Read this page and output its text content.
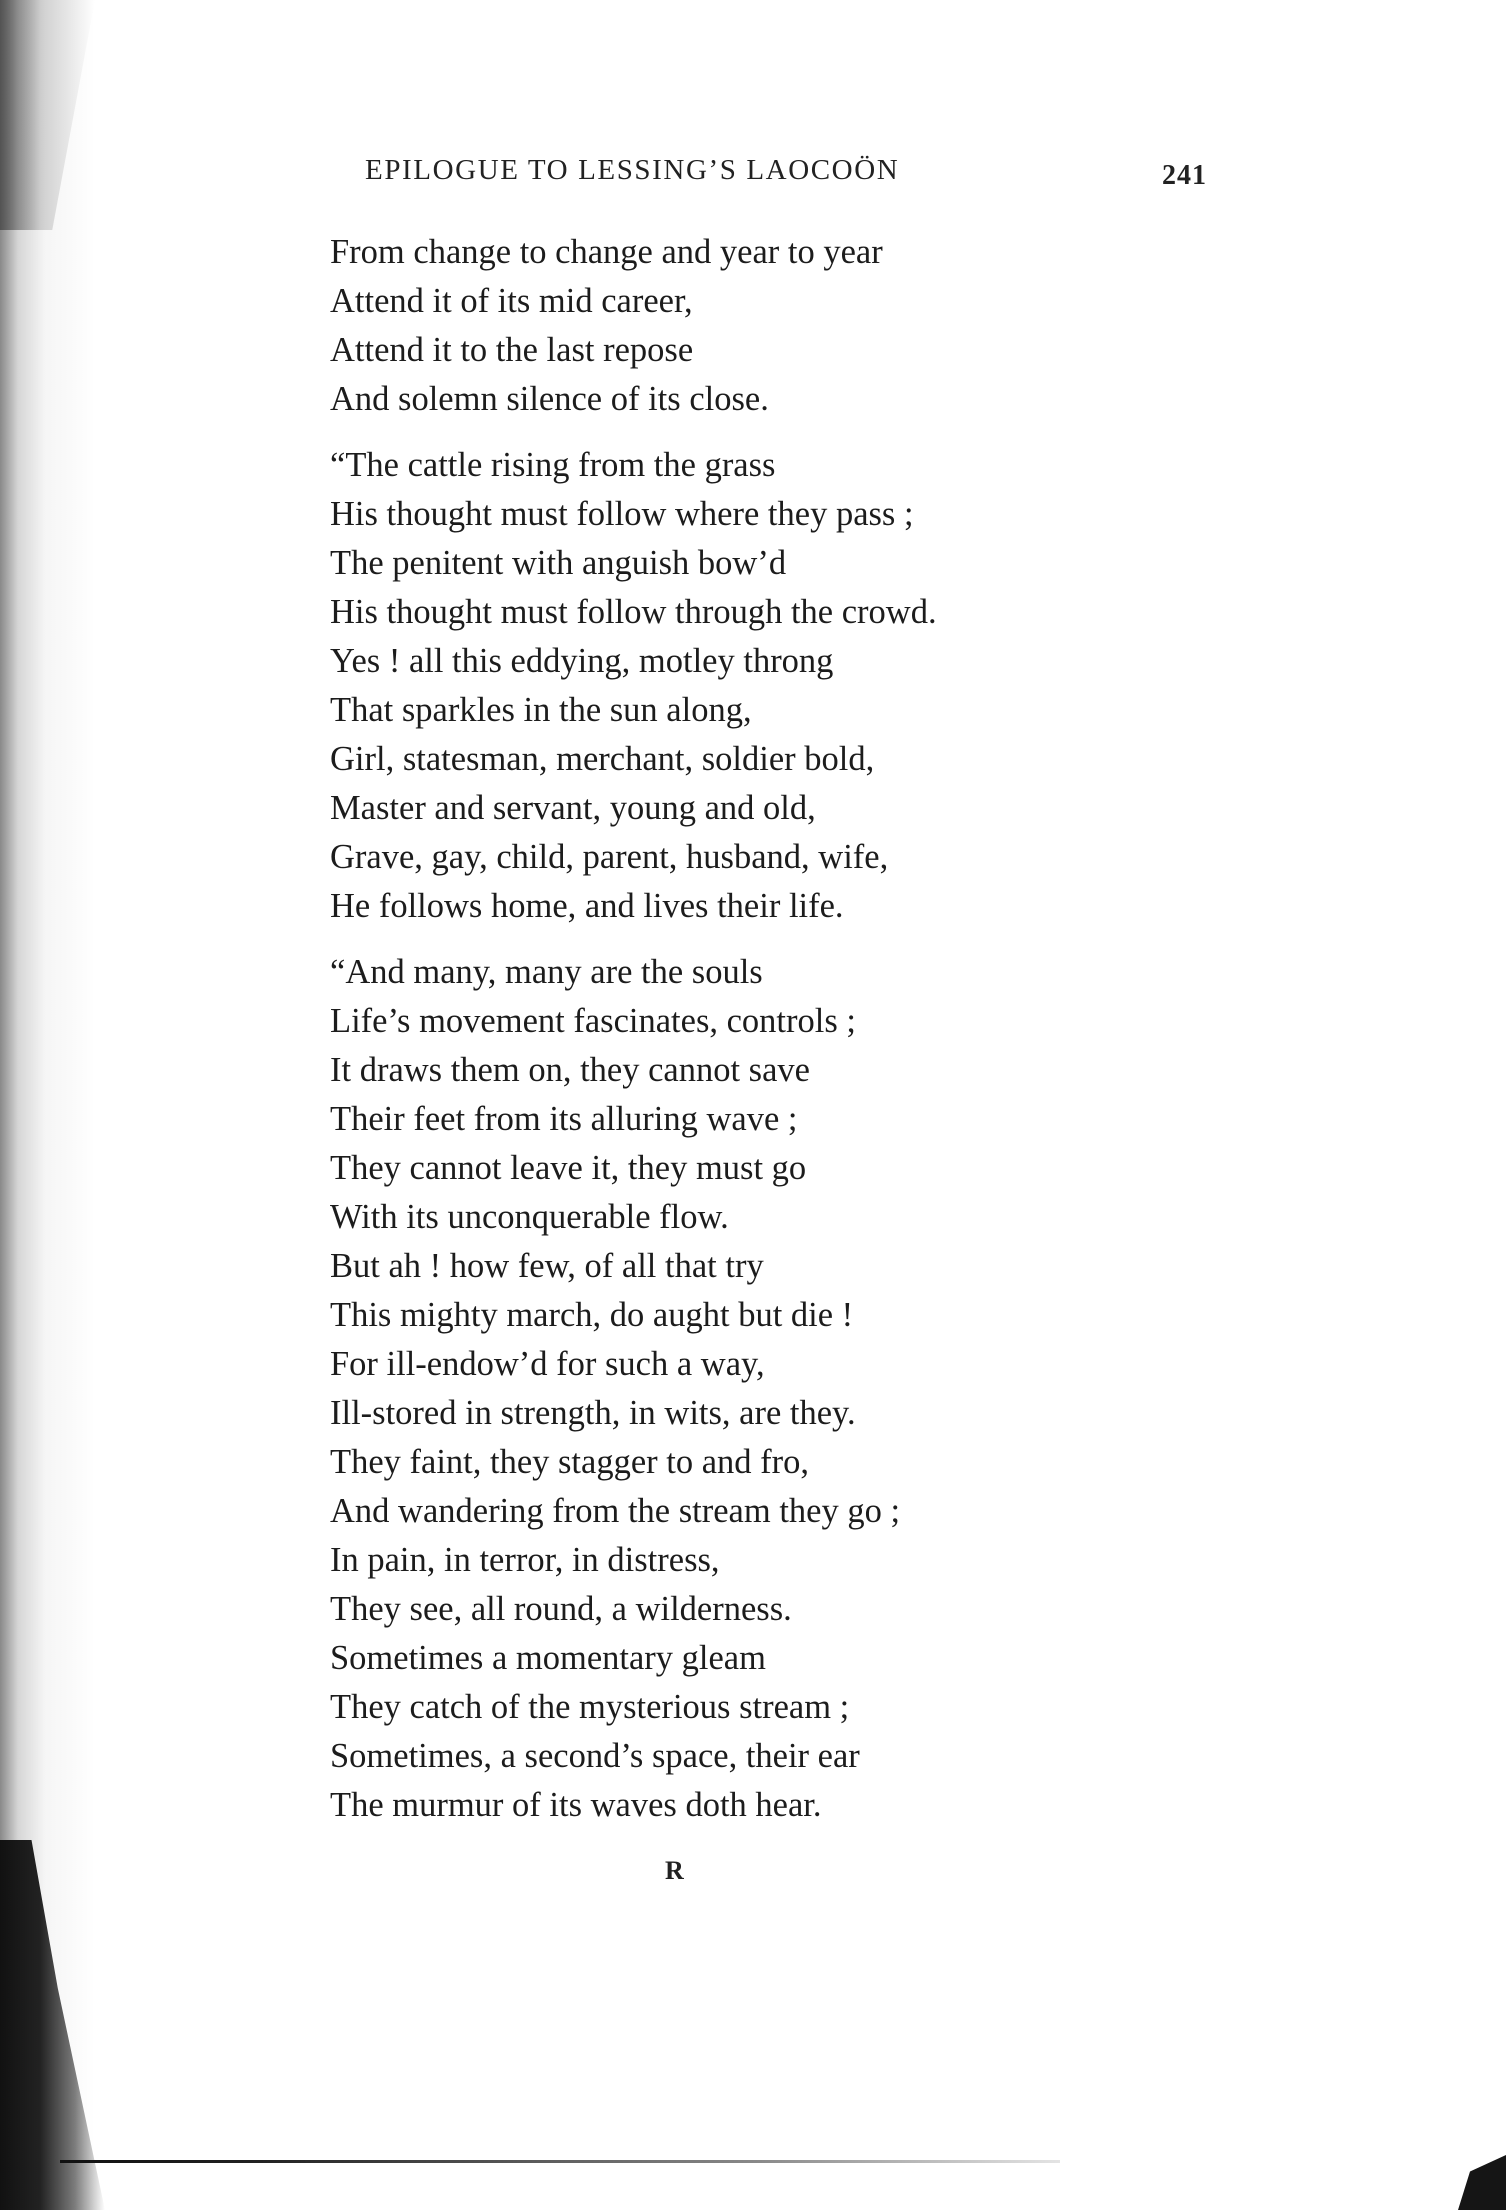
EPILOGUE TO LESSING’S LAOCOÖN	241
From change to change and year to year
Attend it of its mid career,
Attend it to the last repose
And solemn silence of its close.
“The cattle rising from the grass
His thought must follow where they pass ;
The penitent with anguish bow’d
His thought must follow through the crowd.
Yes ! all this eddying, motley throng
That sparkles in the sun along,
Girl, statesman, merchant, soldier bold,
Master and servant, young and old,
Grave, gay, child, parent, husband, wife,
He follows home, and lives their life.
“And many, many are the souls
Life’s movement fascinates, controls ;
It draws them on, they cannot save
Their feet from its alluring wave ;
They cannot leave it, they must go
With its unconquerable flow.
But ah ! how few, of all that try
This mighty march, do aught but die !
For ill-endow’d for such a way,
Ill-stored in strength, in wits, are they.
They faint, they stagger to and fro,
And wandering from the stream they go ;
In pain, in terror, in distress,
They see, all round, a wilderness.
Sometimes a momentary gleam
They catch of the mysterious stream ;
Sometimes, a second’s space, their ear
The murmur of its waves doth hear.
R
